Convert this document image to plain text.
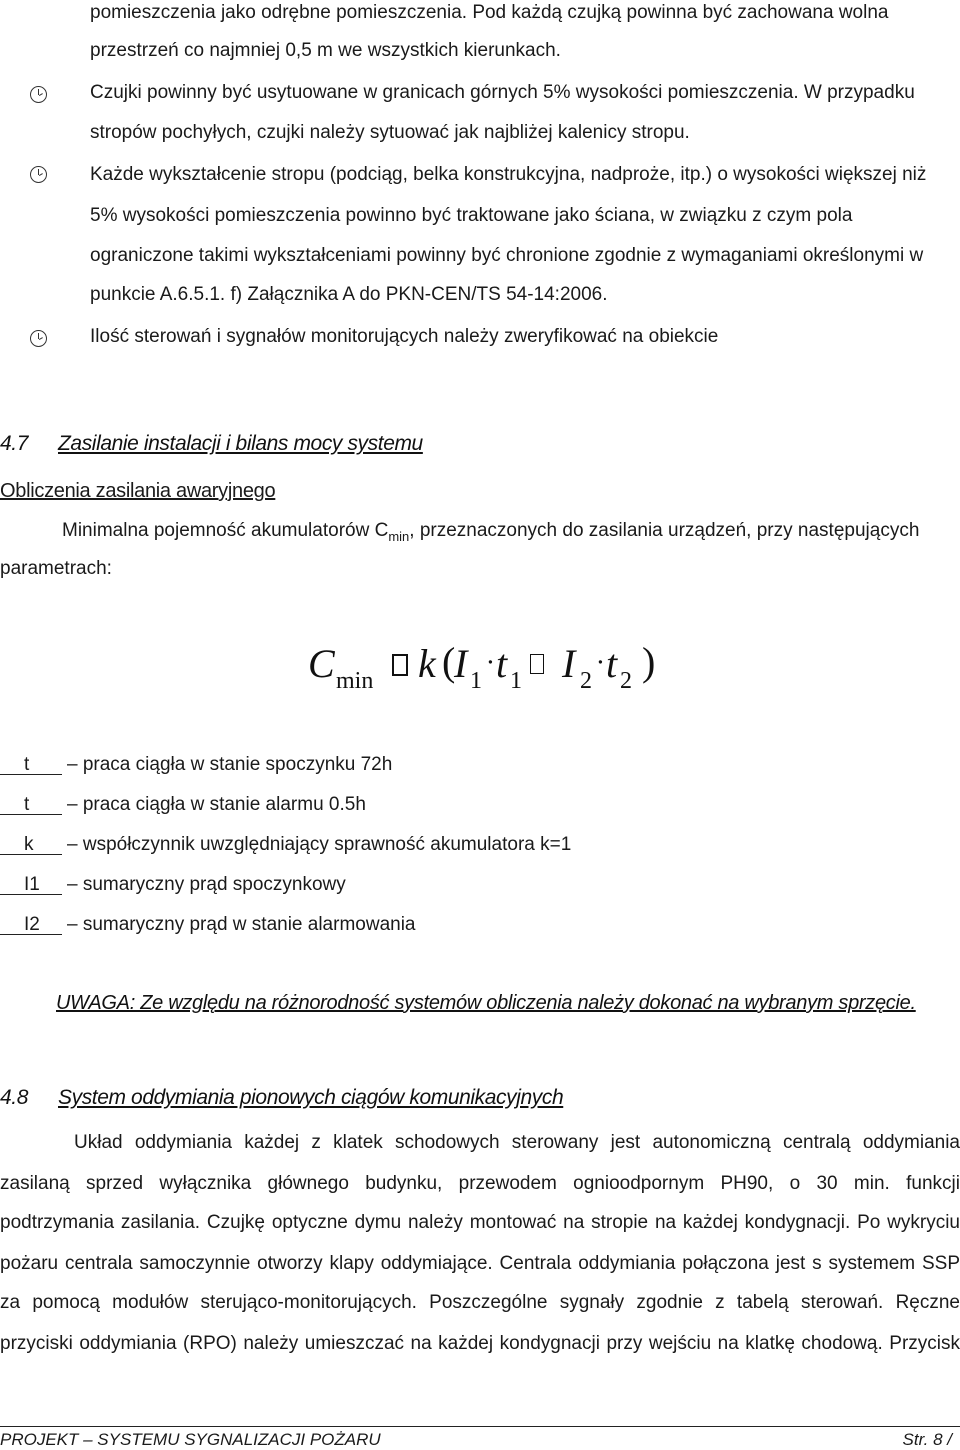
pomieszczenia jako odrębne pomieszczenia. Pod każdą czujką powinna być zachowana wolna
przestrzeń co najmniej 0,5 m we wszystkich kierunkach.
Czujki powinny być usytuowane w granicach górnych 5% wysokości pomieszczenia. W przypadku
stropów pochyłych, czujki należy sytuować jak najbliżej kalenicy stropu.
Każde wykształcenie stropu (podciąg, belka konstrukcyjna, nadproże, itp.) o wysokości większej niż
5% wysokości pomieszczenia powinno być traktowane jako ściana, w związku z czym pola
ograniczone takimi wykształceniami powinny być chronione zgodnie z wymaganiami określonymi w
punkcie A.6.5.1. f) Załącznika A do PKN-CEN/TS 54-14:2006.
Ilość sterowań i sygnałów monitorujących należy zweryfikować na obiekcie
4.7 Zasilanie instalacji i bilans mocy systemu
Obliczenia zasilania awaryjnego
Minimalna pojemność akumulatorów $C_{min}$, przeznaczonych do zasilania urządzeń, przy następujących
parametrach:
C min k (
I 1
⋅ t 1 I 2
⋅ t 2 )
t – praca ciągła w stanie spoczynku 72h
t – praca ciągła w stanie alarmu 0.5h
k – współczynnik uwzględniający sprawność akumulatora k=1
I1 – sumaryczny prąd spoczynkowy
I2 – sumaryczny prąd w stanie alarmowania
UWAGA: Ze względu na różnorodność systemów obliczenia należy dokonać na wybranym sprzęcie.
4.8 System oddymiania pionowych ciągów komunikacyjnych
Układ oddymiania każdej z klatek schodowych sterowany jest autonomiczną centralą oddymiania
zasilaną sprzed wyłącznika głównego budynku, przewodem ognioodpornym PH90, o 30 min. funkcji
podtrzymania zasilania. Czujkę optyczne dymu należy montować na stropie na każdej kondygnacji. Po wykryciu
pożaru centrala samoczynnie otworzy klapy oddymiające. Centrala oddymiania połączona jest s systemem SSP
za pomocą modułów sterująco-monitorujących. Poszczególne sygnały zgodnie z tabelą sterowań. Ręczne
przyciski oddymiania (RPO) należy umieszczać na każdej kondygnacji przy wejściu na klatkę chodową. Przycisk
PROJEKT – SYSTEMU SYGNALIZACJI POŻARU	Str. 8 /
